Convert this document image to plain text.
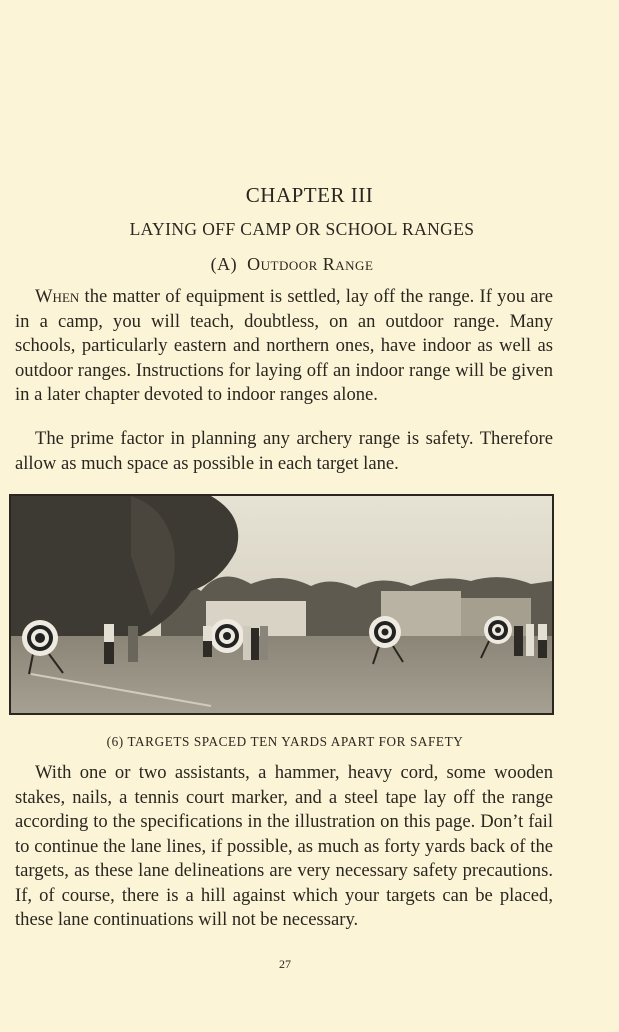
CHAPTER III
LAYING OFF CAMP OR SCHOOL RANGES
(A) Outdoor Range

When the matter of equipment is settled, lay off the range. If you are in a camp, you will teach, doubtless, on an outdoor range. Many schools, particularly eastern and northern ones, have indoor as well as outdoor ranges. Instructions for laying off an indoor range will be given in a later chapter devoted to indoor ranges alone.

The prime factor in planning any archery range is safety. Therefore allow as much space as possible in each target lane.

(6) TARGETS SPACED TEN YARDS APART FOR SAFETY

With one or two assistants, a hammer, heavy cord, some wooden stakes, nails, a tennis court marker, and a steel tape lay off the range according to the specifications in the illustration on this page. Don’t fail to continue the lane lines, if possible, as much as forty yards back of the targets, as these lane delineations are very necessary safety precautions. If, of course, there is a hill against which your targets can be placed, these lane continuations will not be necessary.

27
